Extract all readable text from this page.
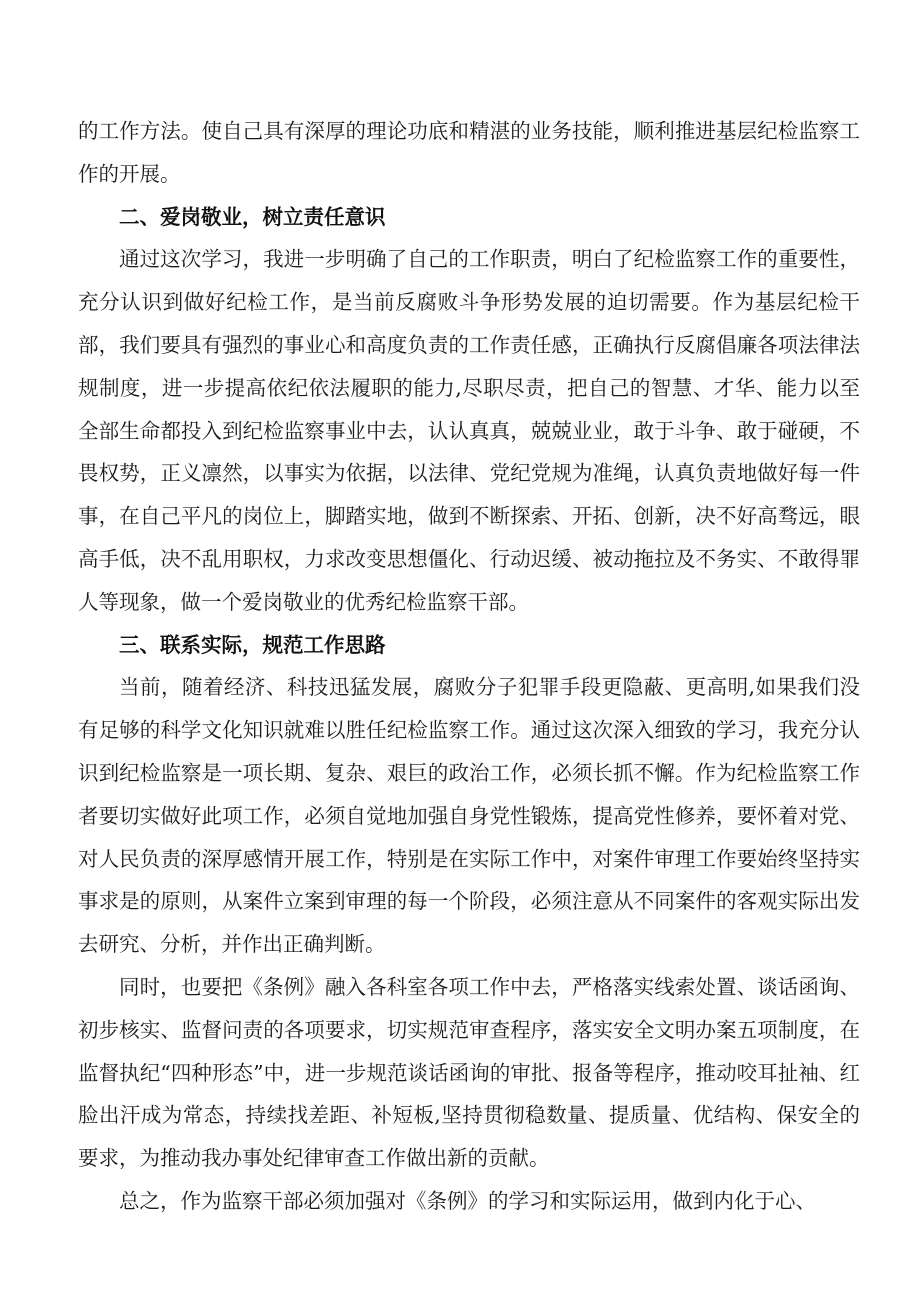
的工作方法。使自己具有深厚的理论功底和精湛的业务技能，顺利推进基层纪检监察工作的开展。

二、爱岗敬业，树立责任意识

通过这次学习，我进一步明确了自己的工作职责，明白了纪检监察工作的重要性，充分认识到做好纪检工作，是当前反腐败斗争形势发展的迫切需要。作为基层纪检干部，我们要具有强烈的事业心和高度负责的工作责任感，正确执行反腐倡廉各项法律法规制度，进一步提高依纪依法履职的能力,尽职尽责，把自己的智慧、才华、能力以至全部生命都投入到纪检监察事业中去，认认真真，兢兢业业，敢于斗争、敢于碰硬，不畏权势，正义凛然，以事实为依据，以法律、党纪党规为准绳，认真负责地做好每一件事，在自己平凡的岗位上，脚踏实地，做到不断探索、开拓、创新，决不好高骛远，眼高手低，决不乱用职权，力求改变思想僵化、行动迟缓、被动拖拉及不务实、不敢得罪人等现象，做一个爱岗敬业的优秀纪检监察干部。

三、联系实际，规范工作思路

当前，随着经济、科技迅猛发展，腐败分子犯罪手段更隐蔽、更高明,如果我们没有足够的科学文化知识就难以胜任纪检监察工作。通过这次深入细致的学习，我充分认识到纪检监察是一项长期、复杂、艰巨的政治工作，必须长抓不懈。作为纪检监察工作者要切实做好此项工作，必须自觉地加强自身党性锻炼，提高党性修养，要怀着对党、对人民负责的深厚感情开展工作，特别是在实际工作中，对案件审理工作要始终坚持实事求是的原则，从案件立案到审理的每一个阶段，必须注意从不同案件的客观实际出发去研究、分析，并作出正确判断。

同时，也要把《条例》融入各科室各项工作中去，严格落实线索处置、谈话函询、初步核实、监督问责的各项要求，切实规范审查程序，落实安全文明办案五项制度，在监督执纪“四种形态”中，进一步规范谈话函询的审批、报备等程序，推动咬耳扯袖、红脸出汗成为常态，持续找差距、补短板,坚持贯彻稳数量、提质量、优结构、保安全的要求，为推动我办事处纪律审查工作做出新的贡献。

总之，作为监察干部必须加强对《条例》的学习和实际运用，做到内化于心、
